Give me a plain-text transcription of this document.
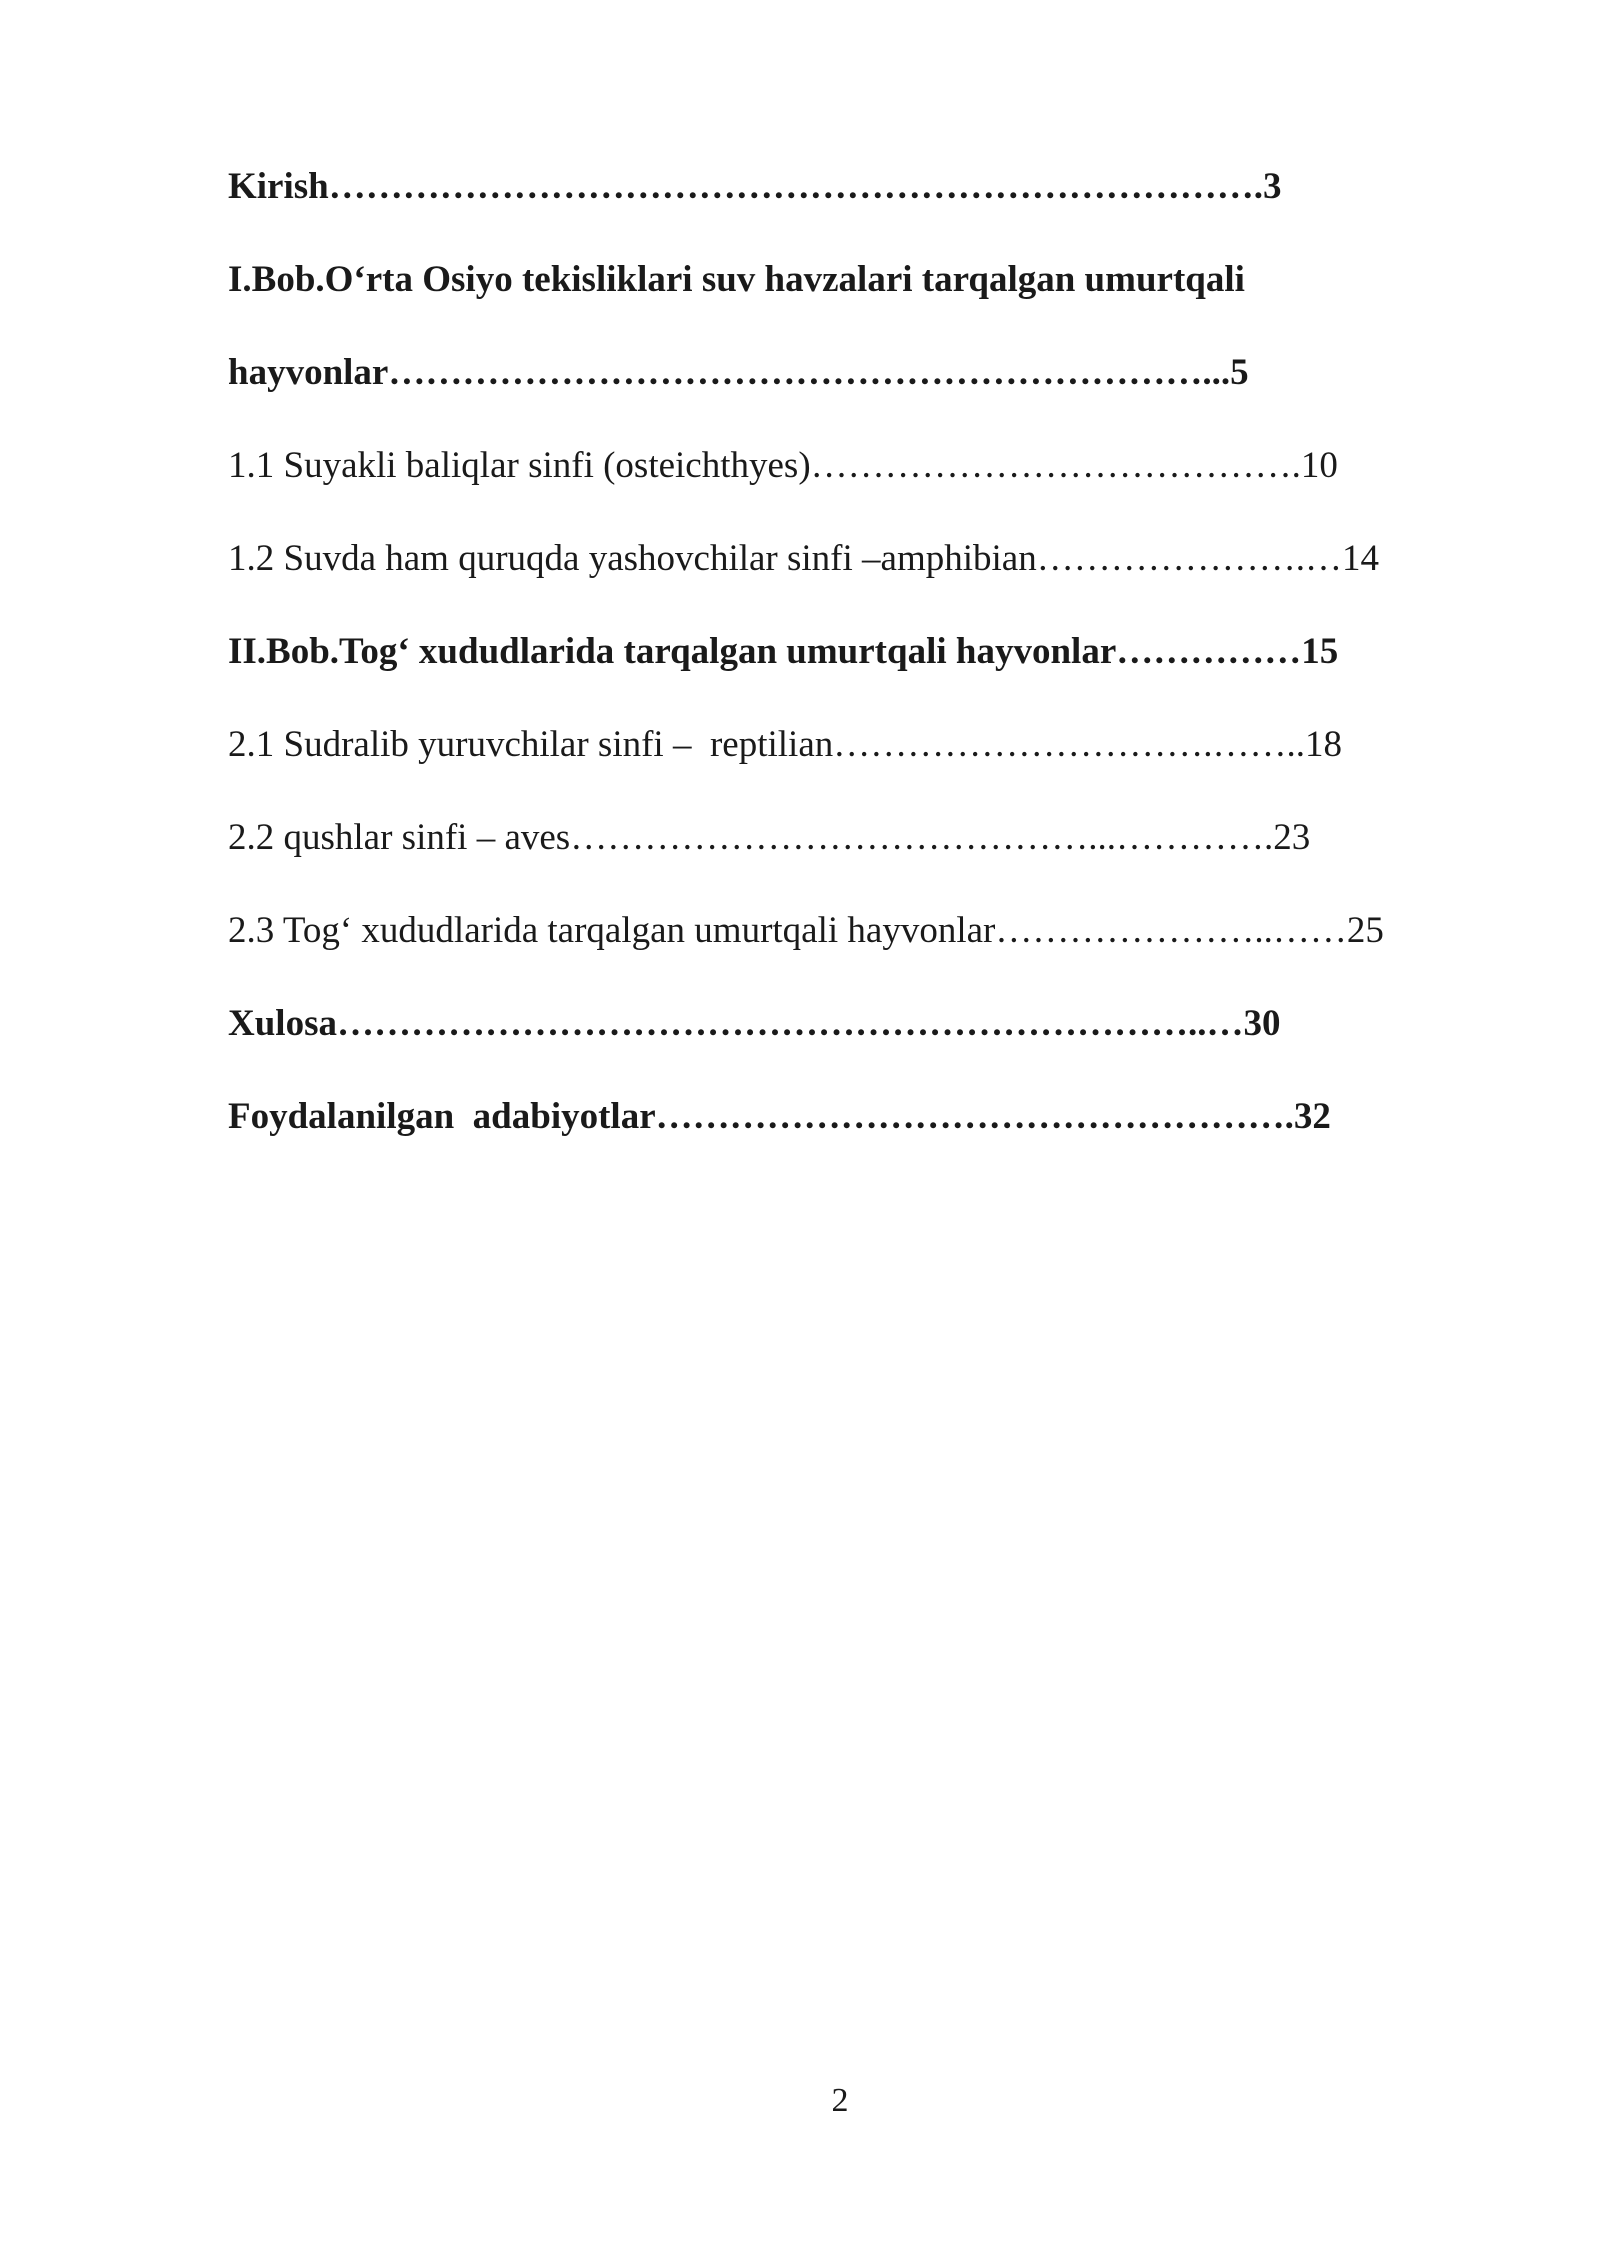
Kirish………………………………………………………………….3
I.Bob.O‘rta Osiyo tekisliklari suv havzalari tarqalgan umurtqali
hayvonlar…………………………………………………………...5
1.1 Suyakli baliqlar sinfi (osteichthyes)………………………………….10
1.2 Suvda ham quruqda yashovchilar sinfi –amphibian………………….…14
II.Bob.Tog‘ xududlarida tarqalgan umurtqali hayvonlar……………15
2.1 Sudralib yuruvchilar sinfi –  reptilian………………………….……..18
2.2 qushlar sinfi – aves……………………………………...………….23
2.3 Tog‘ xududlarida tarqalgan umurtqali hayvonlar…………………..……25
Xulosa……………………………………………………………..…30
Foydalanilgan  adabiyotlar…………………………………………….32
2
